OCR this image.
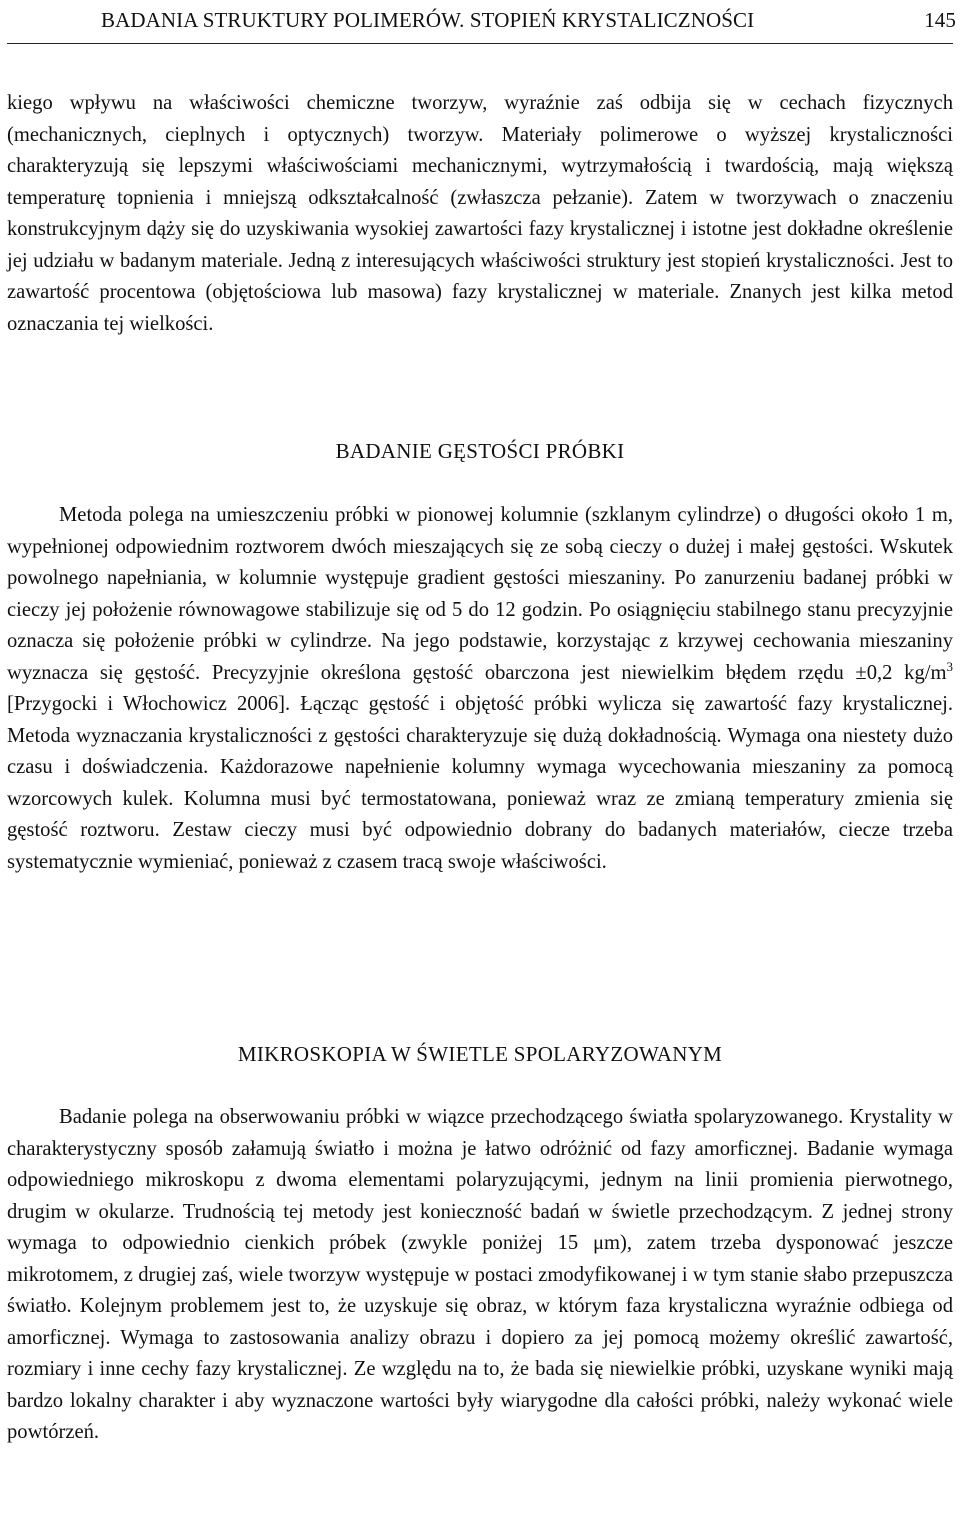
BADANIA STRUKTURY POLIMERÓW. STOPIEŃ KRYSTALICZNOŚCI	145

kiego wpływu na właściwości chemiczne tworzyw, wyraźnie zaś odbija się w cechach fizycznych (mechanicznych, cieplnych i optycznych) tworzyw. Materiały polimerowe o wyższej krystaliczności charakteryzują się lepszymi właściwościami mechanicznymi, wytrzymałością i twardością, mają większą temperaturę topnienia i mniejszą odkształcalność (zwłaszcza pełzanie). Zatem w tworzywach o znaczeniu konstrukcyjnym dąży się do uzyskiwania wysokiej zawartości fazy krystalicznej i istotne jest dokładne określenie jej udziału w badanym materiale. Jedną z interesujących właściwości struktury jest stopień krystaliczności. Jest to zawartość procentowa (objętościowa lub masowa) fazy krystalicznej w materiale. Znanych jest kilka metod oznaczania tej wielkości.

BADANIE GĘSTOŚCI PRÓBKI

Metoda polega na umieszczeniu próbki w pionowej kolumnie (szklanym cylindrze) o długości około 1 m, wypełnionej odpowiednim roztworem dwóch mieszających się ze sobą cieczy o dużej i małej gęstości. Wskutek powolnego napełniania, w kolumnie występuje gradient gęstości mieszaniny. Po zanurzeniu badanej próbki w cieczy jej położenie równowagowe stabilizuje się od 5 do 12 godzin. Po osiągnięciu stabilnego stanu precyzyjnie oznacza się położenie próbki w cylindrze. Na jego podstawie, korzystając z krzywej cechowania mieszaniny wyznacza się gęstość. Precyzyjnie określona gęstość obarczona jest niewielkim błędem rzędu ±0,2 $kg/m^3$ [Przygocki i Włochowicz 2006]. Łącząc gęstość i objętość próbki wylicza się zawartość fazy krystalicznej. Metoda wyznaczania krystaliczności z gęstości charakteryzuje się dużą dokładnością. Wymaga ona niestety dużo czasu i doświadczenia. Każdorazowe napełnienie kolumny wymaga wycechowania mieszaniny za pomocą wzorcowych kulek. Kolumna musi być termostatowana, ponieważ wraz ze zmianą temperatury zmienia się gęstość roztworu. Zestaw cieczy musi być odpowiednio dobrany do badanych materiałów, ciecze trzeba systematycznie wymieniać, ponieważ z czasem tracą swoje właściwości.

MIKROSKOPIA W ŚWIETLE SPOLARYZOWANYM

Badanie polega na obserwowaniu próbki w wiązce przechodzącego światła spolaryzowanego. Krystality w charakterystyczny sposób załamują światło i można je łatwo odróżnić od fazy amorficznej. Badanie wymaga odpowiedniego mikroskopu z dwoma elementami polaryzującymi, jednym na linii promienia pierwotnego, drugim w okularze. Trudnością tej metody jest konieczność badań w świetle przechodzącym. Z jednej strony wymaga to odpowiednio cienkich próbek (zwykle poniżej 15 μm), zatem trzeba dysponować jeszcze mikrotomem, z drugiej zaś, wiele tworzyw występuje w postaci zmodyfikowanej i w tym stanie słabo przepuszcza światło. Kolejnym problemem jest to, że uzyskuje się obraz, w którym faza krystaliczna wyraźnie odbiega od amorficznej. Wymaga to zastosowania analizy obrazu i dopiero za jej pomocą możemy określić zawartość, rozmiary i inne cechy fazy krystalicznej. Ze względu na to, że bada się niewielkie próbki, uzyskane wyniki mają bardzo lokalny charakter i aby wyznaczone wartości były wiarygodne dla całości próbki, należy wykonać wiele powtórzeń.
